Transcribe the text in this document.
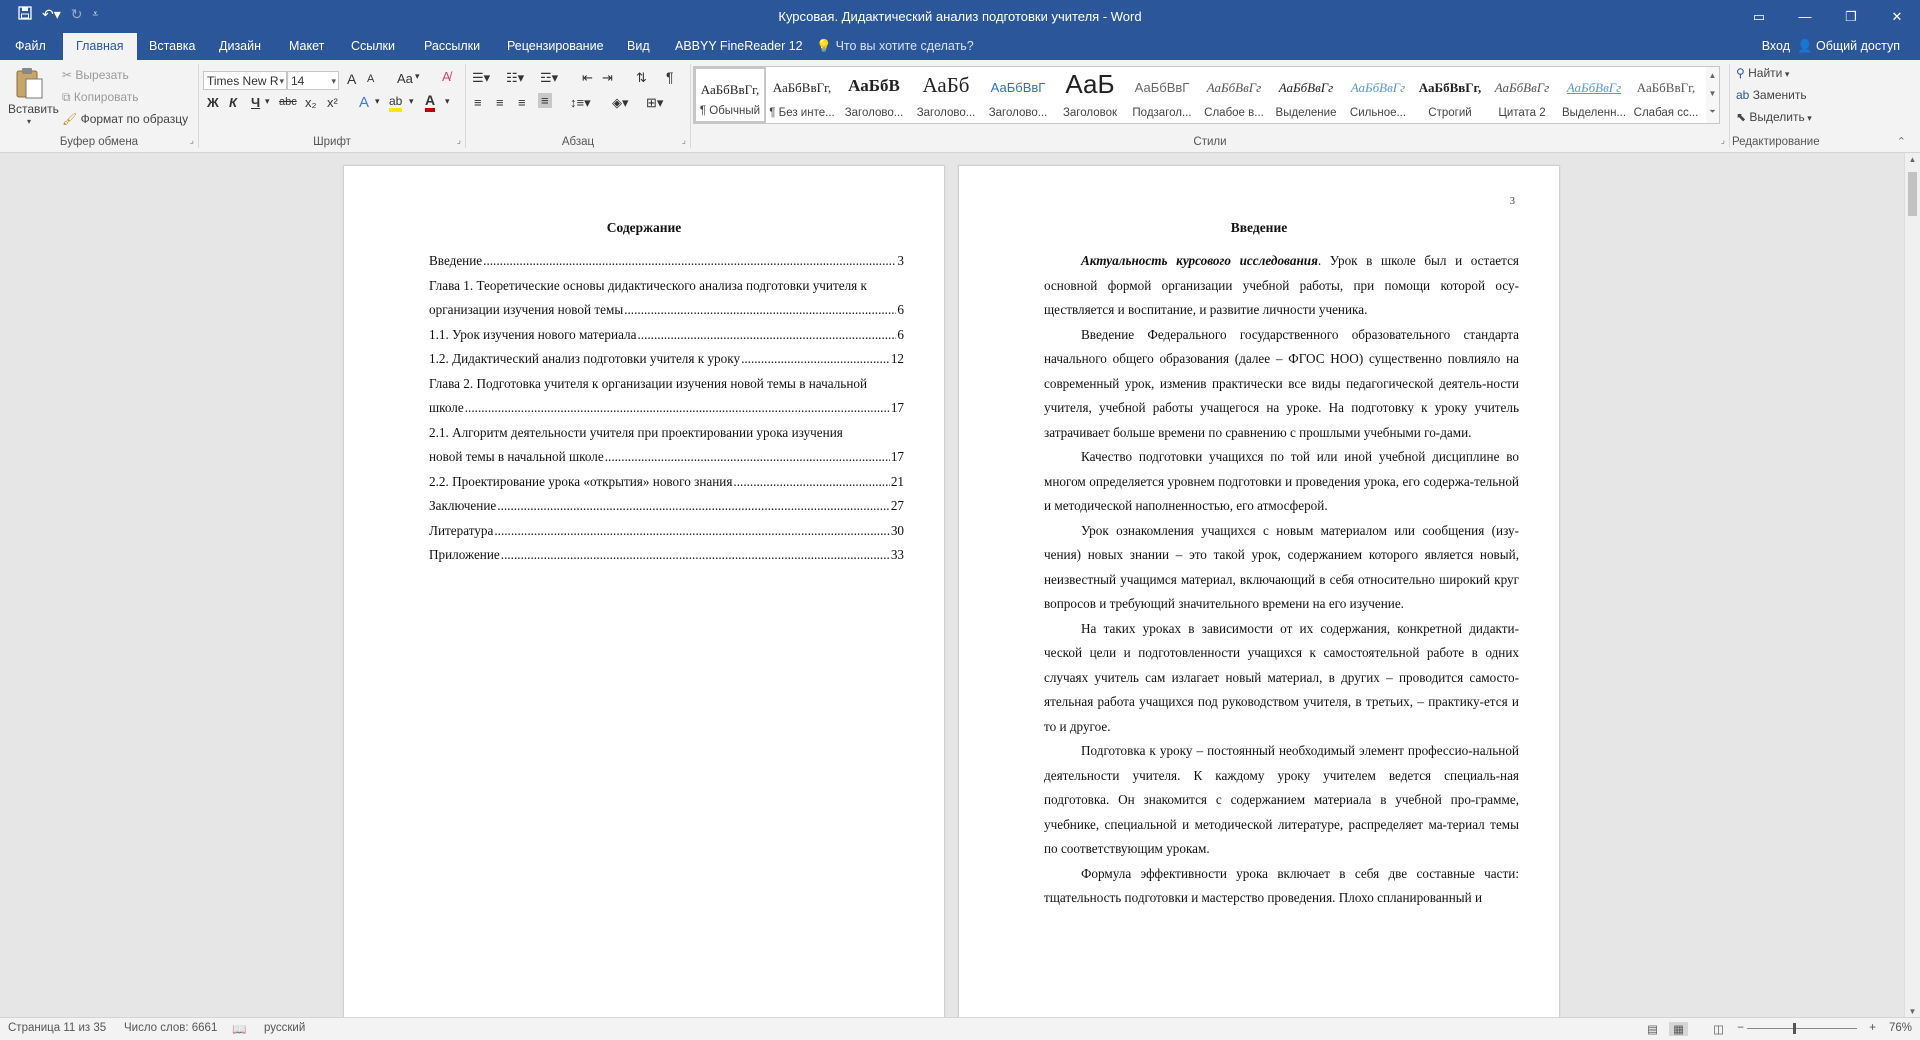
↶▾ ↻ ⩡	Курсовая. Дидактический анализ подготовки учителя - Word	▭	—	❐	✕
Файл	Главная	Вставка	Дизайн	Макет	Ссылки	Рассылки	Рецензирование	Вид	ABBYY FineReader 12	💡 Что вы хотите сделать?	Вход 👤 Общий доступ
Вставить
▾
✂ Вырезать
⧉ Копировать
🖌 Формат по образцу
Буфер обмена	⌟
Times New R ▾ 14	▾ A A Aa ▾ A̸
Ж К Ч ▾ abc x₂ x² A ▾ ab ▾ A ▾
Шрифт	⌟
☰▾ ☷▾ ☲▾ ⇤ ⇥ ⇅ ¶
≡ ≡ ≡ ≡ ↕≡▾ ◈▾ ⊞▾
Абзац	⌟	Стили	⌟
АаБбВвГг,
¶ Обычный
АаБбВвГг,
¶ Без инте...
АаБбВ
Заголово...
АаБб
Заголово...
АаБбВвГ
Заголово...
АаБ
Заголовок
АаБбВвГ
Подзагол...
АаБбВвГг
Слабое в...
АаБбВвГг
Выделение
АаБбВвГг
Сильное...
АаБбВвГг,
Строгий
АаБбВвГг
Цитата 2
АаБбВвГг
Выделенн...
АаБбВвГг,
Слабая сс...
▲
▼
⏷
⚲ Найти ▾
ab Заменить
⬉ Выделить ▾
Редактирование	⌃
Содержание
Введение .....	3
Глава 1. Теоретические основы дидактического анализа подготовки учителя к
организации изучения новой темы .....	6
1.1. Урок изучения нового материала .....	6
1.2. Дидактический анализ подготовки учителя к уроку .....	12
Глава 2. Подготовка учителя к организации изучения новой темы в начальной
школе .....	17
2.1. Алгоритм деятельности учителя при проектировании урока изучения
новой темы в начальной школе .....	17
2.2. Проектирование урока «открытия» нового знания .....	21
Заключение .....	27
Литература .....	30
Приложение .....	33
3
Введение

Актуальность курсового исследования. Урок в школе был и остается основной формой организации учебной работы, при помощи которой осу-ществляется и воспитание, и развитие личности ученика.

Введение Федерального государственного образовательного стандарта начального общего образования (далее – ФГОС НОО) существенно повлияло на современный урок, изменив практически все виды педагогической деятель-ности учителя, учебной работы учащегося на уроке. На подготовку к уроку учитель затрачивает больше времени по сравнению с прошлыми учебными го-дами.

Качество подготовки учащихся по той или иной учебной дисциплине во многом определяется уровнем подготовки и проведения урока, его содержа-тельной и методической наполненностью, его атмосферой.

Урок ознакомления учащихся с новым материалом или сообщения (изу-чения) новых знании – это такой урок, содержанием которого является новый, неизвестный учащимся материал, включающий в себя относительно широкий круг вопросов и требующий значительного времени на его изучение.

На таких уроках в зависимости от их содержания, конкретной дидакти-ческой цели и подготовленности учащихся к самостоятельной работе в одних случаях учитель сам излагает новый материал, в других – проводится самосто-ятельная работа учащихся под руководством учителя, в третьих, – практику-ется и то и другое.

Подготовка к уроку – постоянный необходимый элемент профессио-нальной деятельности учителя. К каждому уроку учителем ведется специаль-ная подготовка. Он знакомится с содержанием материала в учебной про-грамме, учебнике, специальной и методической литературе, распределяет ма-териал темы по соответствующим урокам.

Формула эффективности урока включает в себя две составные части: тщательность подготовки и мастерство проведения. Плохо спланированный и

▲
▼
Страница 11 из 35 Число слов: 6661 📖 русский	▤	▦	◫ −	+ 76%
